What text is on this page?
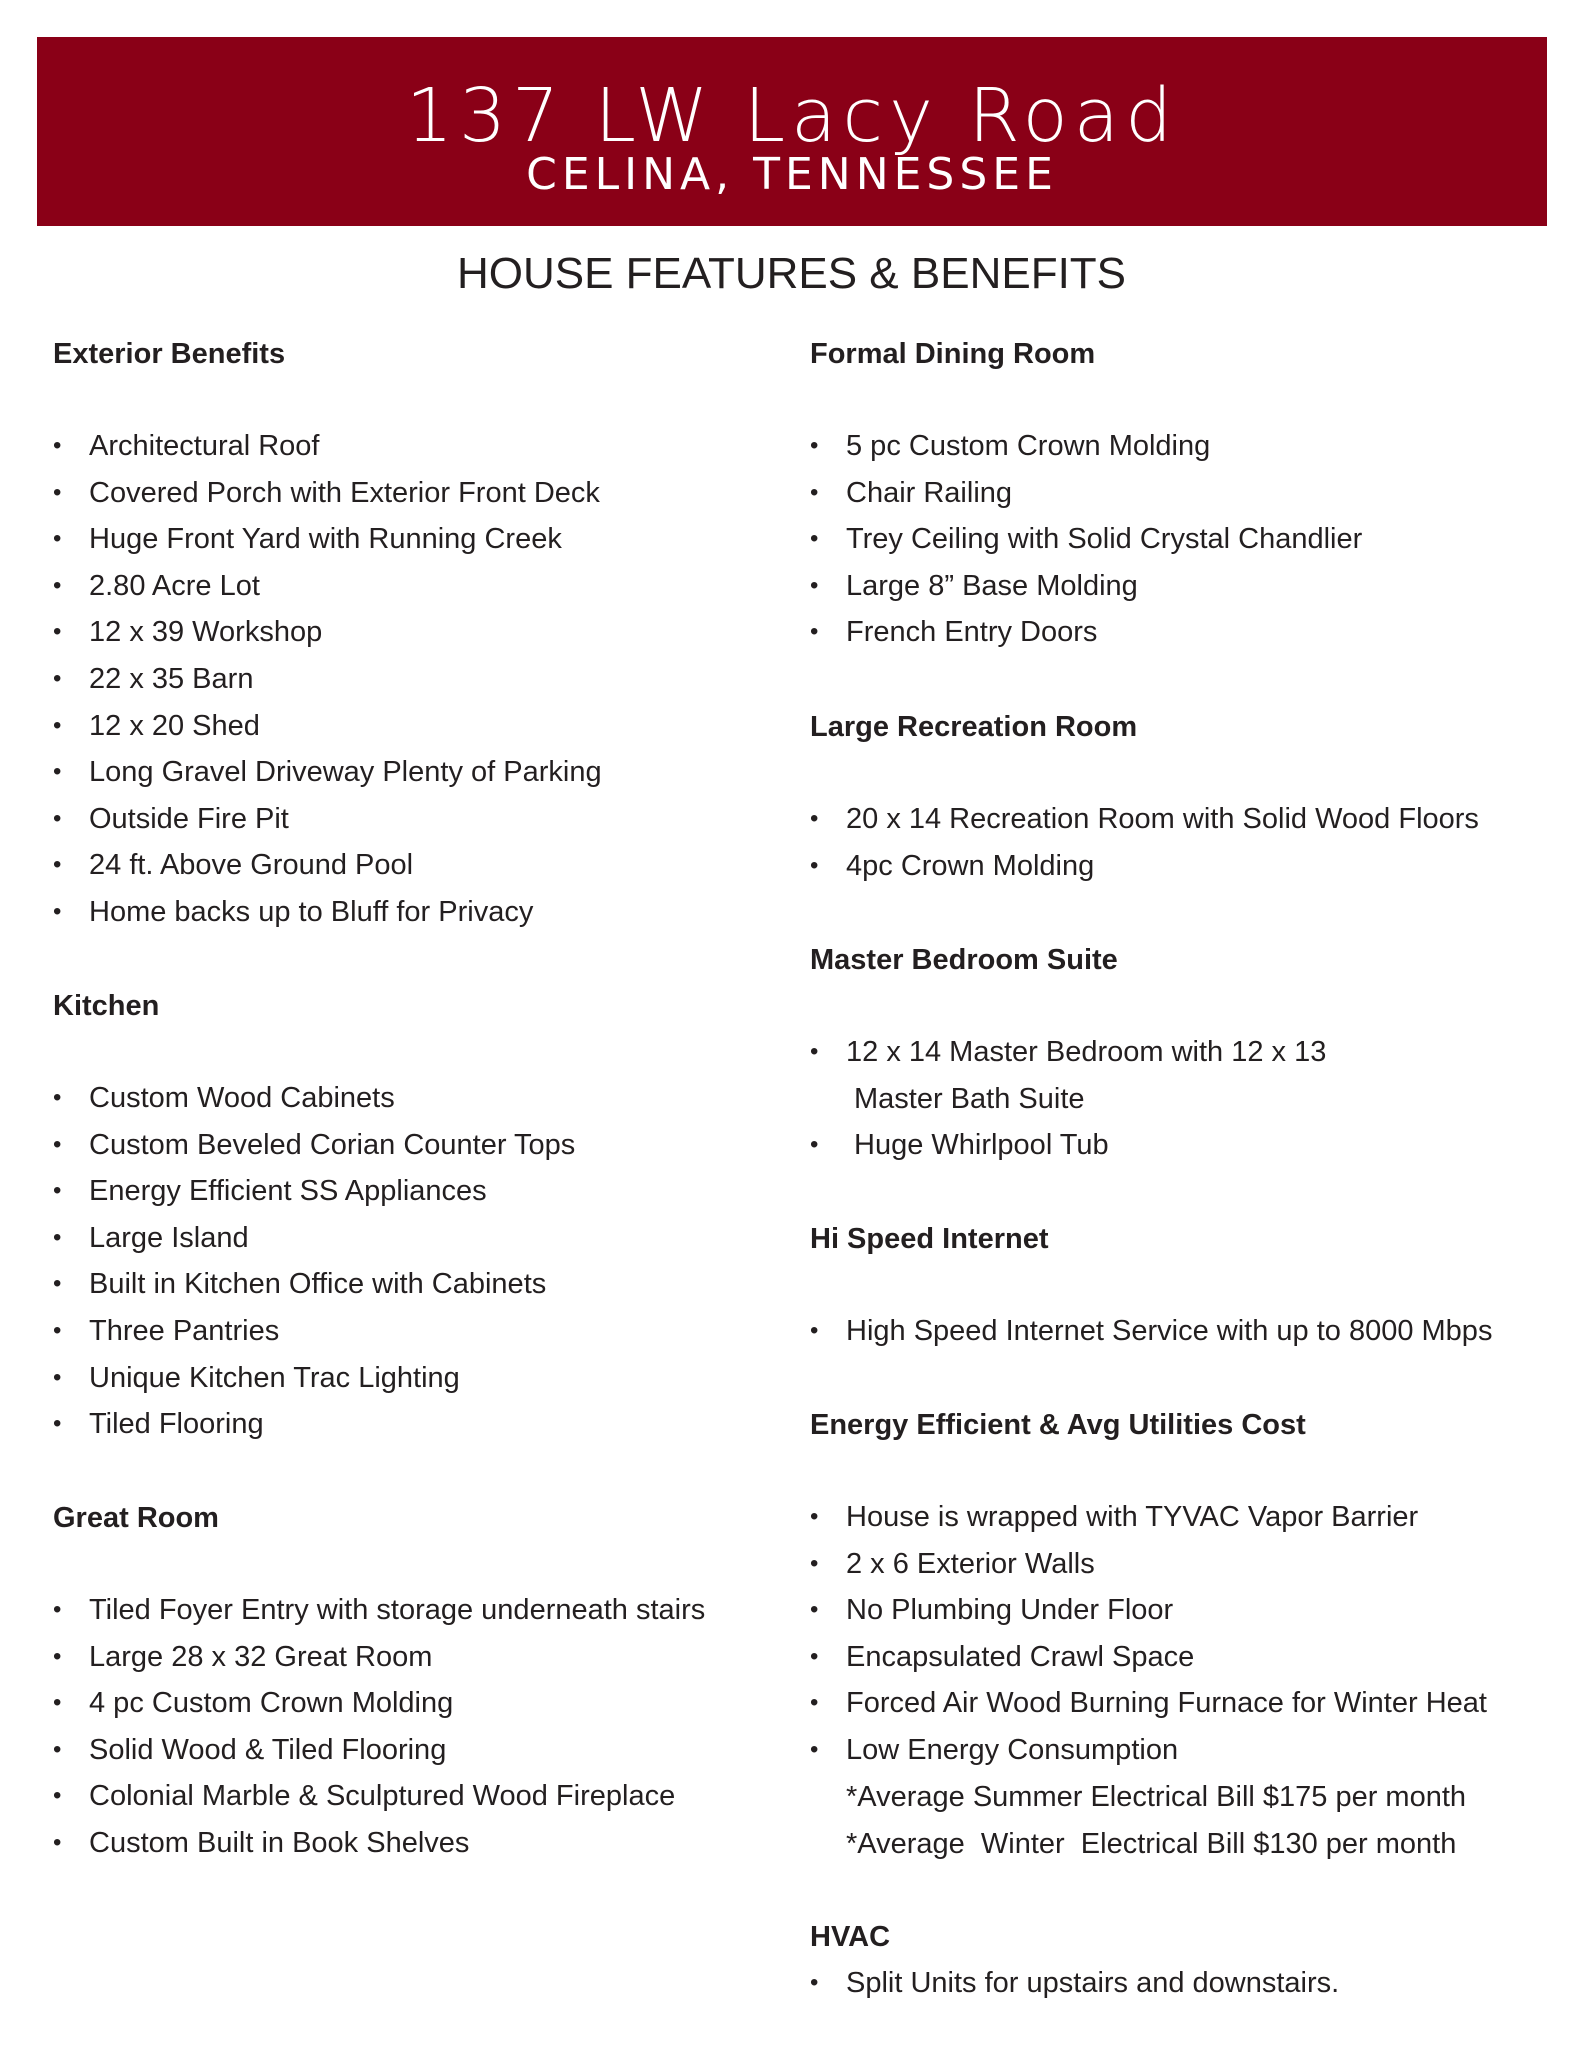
137 LW Lacy Road
CELINA, TENNESSEE
HOUSE FEATURES & BENEFITS
Exterior Benefits
• Architectural Roof
• Covered Porch with Exterior Front Deck
• Huge Front Yard with Running Creek
• 2.80 Acre Lot
• 12 x 39 Workshop
• 22 x 35 Barn
• 12 x 20 Shed
• Long Gravel Driveway Plenty of Parking
• Outside Fire Pit
• 24 ft. Above Ground Pool
• Home backs up to Bluff for Privacy
Kitchen
• Custom Wood Cabinets
• Custom Beveled Corian Counter Tops
• Energy Efficient SS Appliances
• Large Island
• Built in Kitchen Office with Cabinets
• Three Pantries
• Unique Kitchen Trac Lighting
• Tiled Flooring
Great Room
• Tiled Foyer Entry with storage underneath stairs
• Large 28 x 32 Great Room
• 4 pc Custom Crown Molding
• Solid Wood & Tiled Flooring
• Colonial Marble & Sculptured Wood Fireplace
• Custom Built in Book Shelves
Formal Dining Room
• 5 pc Custom Crown Molding
• Chair Railing
• Trey Ceiling with Solid Crystal Chandlier
• Large 8” Base Molding
• French Entry Doors
Large Recreation Room
• 20 x 14 Recreation Room with Solid Wood Floors
• 4pc Crown Molding
Master Bedroom Suite
• 12 x 14 Master Bedroom with 12 x 13
Master Bath Suite
• Huge Whirlpool Tub
Hi Speed Internet
• High Speed Internet Service with up to 8000 Mbps
Energy Efficient & Avg Utilities Cost
• House is wrapped with TYVAC Vapor Barrier
• 2 x 6 Exterior Walls
• No Plumbing Under Floor
• Encapsulated Crawl Space
• Forced Air Wood Burning Furnace for Winter Heat
• Low Energy Consumption
*Average Summer Electrical Bill $175 per month
*Average  Winter  Electrical Bill $130 per month
HVAC
• Split Units for upstairs and downstairs.
